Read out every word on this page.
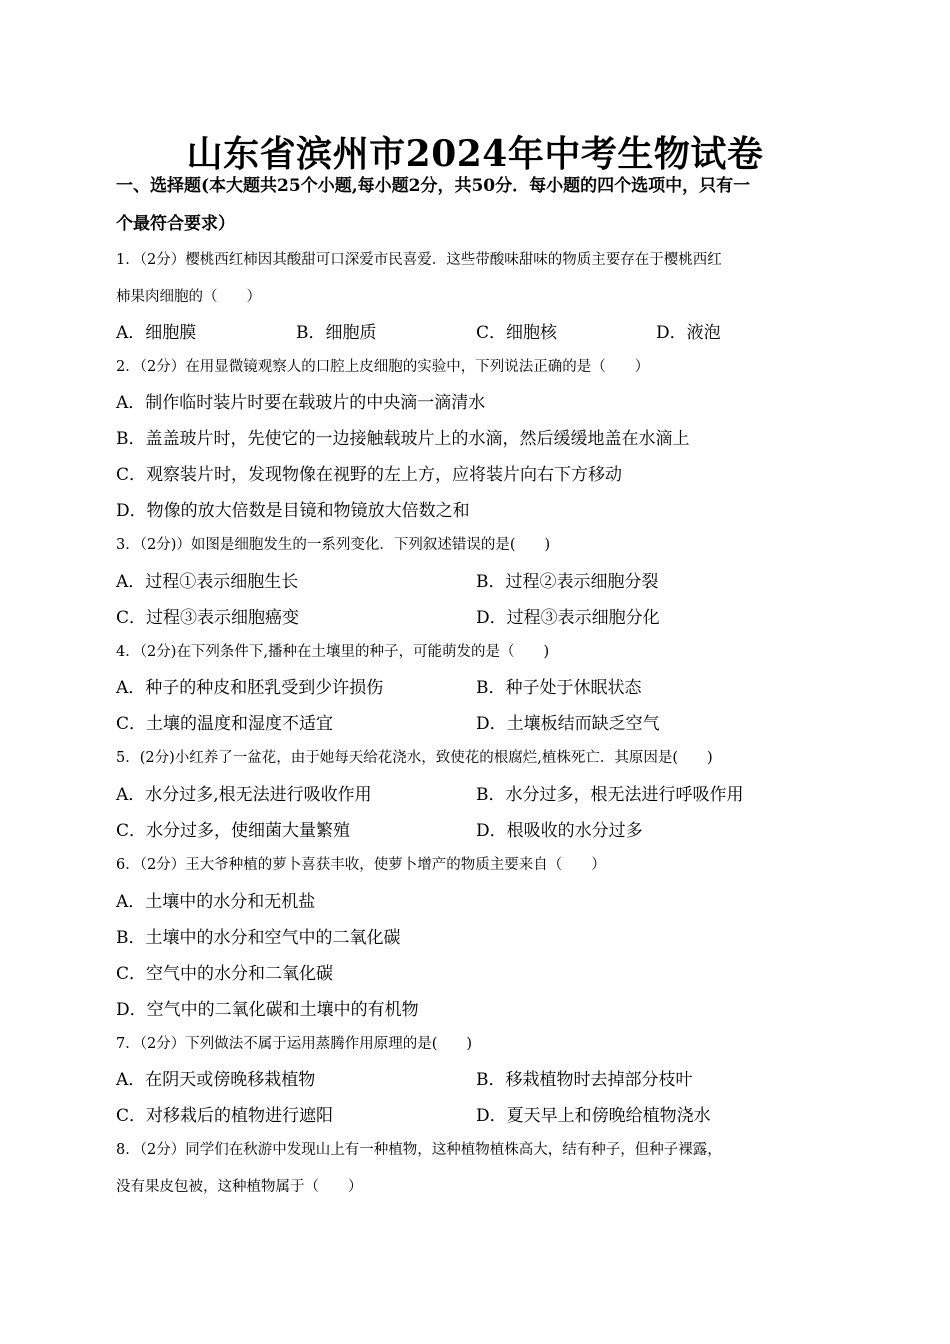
山东省滨州市2024年中考生物试卷
一、选择题(本大题共25个小题,每小题2分，共50分．每小题的四个选项中，只有一
个最符合要求）
1．（2分）樱桃西红柿因其酸甜可口深爱市民喜爱．这些带酸味甜味的物质主要存在于樱桃西红
柿果肉细胞的（　　）
A．细胞膜	B．细胞质	C．细胞核	D．液泡
2．（2分）在用显微镜观察人的口腔上皮细胞的实验中，下列说法正确的是（　　）
A．制作临时装片时要在载玻片的中央滴一滴清水
B．盖盖玻片时，先使它的一边接触载玻片上的水滴，然后缓缓地盖在水滴上
C．观察装片时，发现物像在视野的左上方，应将装片向右下方移动
D．物像的放大倍数是目镜和物镜放大倍数之和
3．（2分)）如图是细胞发生的一系列变化．下列叙述错误的是(　　)
A．过程①表示细胞生长	B．过程②表示细胞分裂
C．过程③表示细胞癌变	D．过程③表示细胞分化
4．（2分)在下列条件下,播种在土壤里的种子，可能萌发的是（　　)
A．种子的种皮和胚乳受到少许损伤	B．种子处于休眠状态
C．土壤的温度和湿度不适宜	D．土壤板结而缺乏空气
5．(2分)小红养了一盆花，由于她每天给花浇水，致使花的根腐烂,植株死亡．其原因是(　　)
A．水分过多,根无法进行吸收作用	B．水分过多，根无法进行呼吸作用
C．水分过多，使细菌大量繁殖	D．根吸收的水分过多
6．（2分）王大爷种植的萝卜喜获丰收，使萝卜增产的物质主要来自（　　）
A．土壤中的水分和无机盐
B．土壤中的水分和空气中的二氧化碳
C．空气中的水分和二氧化碳
D．空气中的二氧化碳和土壤中的有机物
7．（2分）下列做法不属于运用蒸腾作用原理的是(　　)
A．在阴天或傍晚移栽植物	B．移栽植物时去掉部分枝叶
C．对移栽后的植物进行遮阳	D．夏天早上和傍晚给植物浇水
8．（2分）同学们在秋游中发现山上有一种植物，这种植物植株高大，结有种子，但种子裸露，
没有果皮包被，这种植物属于（　　）
